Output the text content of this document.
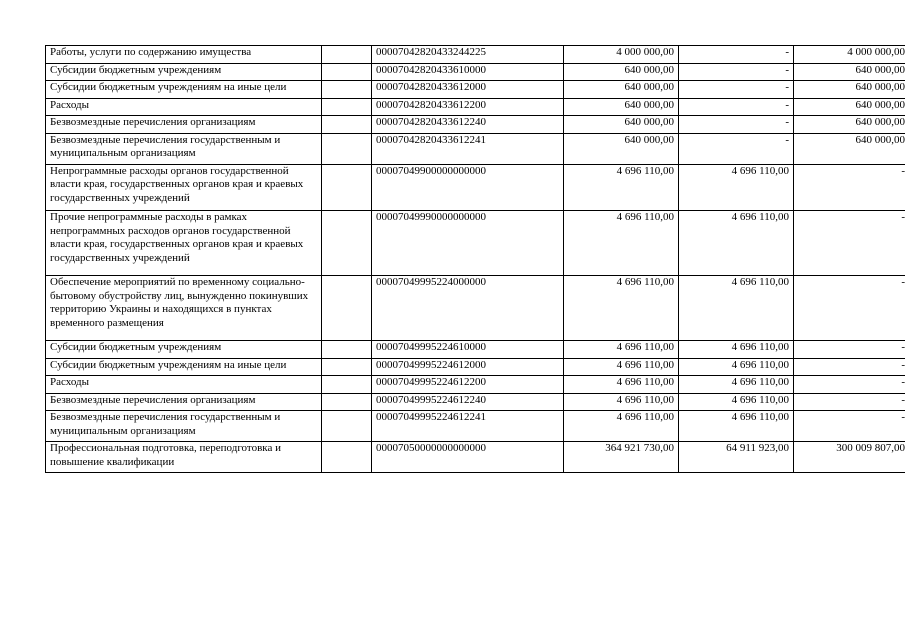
Работы, услуги по содержанию имущества		00007042820433244225	4 000 000,00	-	4 000 000,00
Субсидии бюджетным учреждениям		00007042820433610000	640 000,00	-	640 000,00
Субсидии бюджетным учреждениям на иные цели		00007042820433612000	640 000,00	-	640 000,00
Расходы		00007042820433612200	640 000,00	-	640 000,00
Безвозмездные перечисления организациям		00007042820433612240	640 000,00	-	640 000,00
Безвозмездные перечисления государственным и муниципальным организациям		00007042820433612241	640 000,00	-	640 000,00
Непрограммные расходы органов государственной власти края, государственных органов края и краевых государственных учреждений		00007049900000000000	4 696 110,00	4 696 110,00	-
Прочие непрограммные расходы в рамках непрограммных расходов органов государственной власти края, государственных органов края и краевых государственных учреждений		00007049990000000000	4 696 110,00	4 696 110,00	-
Обеспечение мероприятий по временному социально-бытовому обустройству лиц, вынужденно покинувших территорию Украины и находящихся в пунктах временного размещения		00007049995224000000	4 696 110,00	4 696 110,00	-
Субсидии бюджетным учреждениям		00007049995224610000	4 696 110,00	4 696 110,00	-
Субсидии бюджетным учреждениям на иные цели		00007049995224612000	4 696 110,00	4 696 110,00	-
Расходы		00007049995224612200	4 696 110,00	4 696 110,00	-
Безвозмездные перечисления организациям		00007049995224612240	4 696 110,00	4 696 110,00	-
Безвозмездные перечисления государственным и муниципальным организациям		00007049995224612241	4 696 110,00	4 696 110,00	-
Профессиональная подготовка, переподготовка и повышение квалификации		00007050000000000000	364 921 730,00	64 911 923,00	300 009 807,00
